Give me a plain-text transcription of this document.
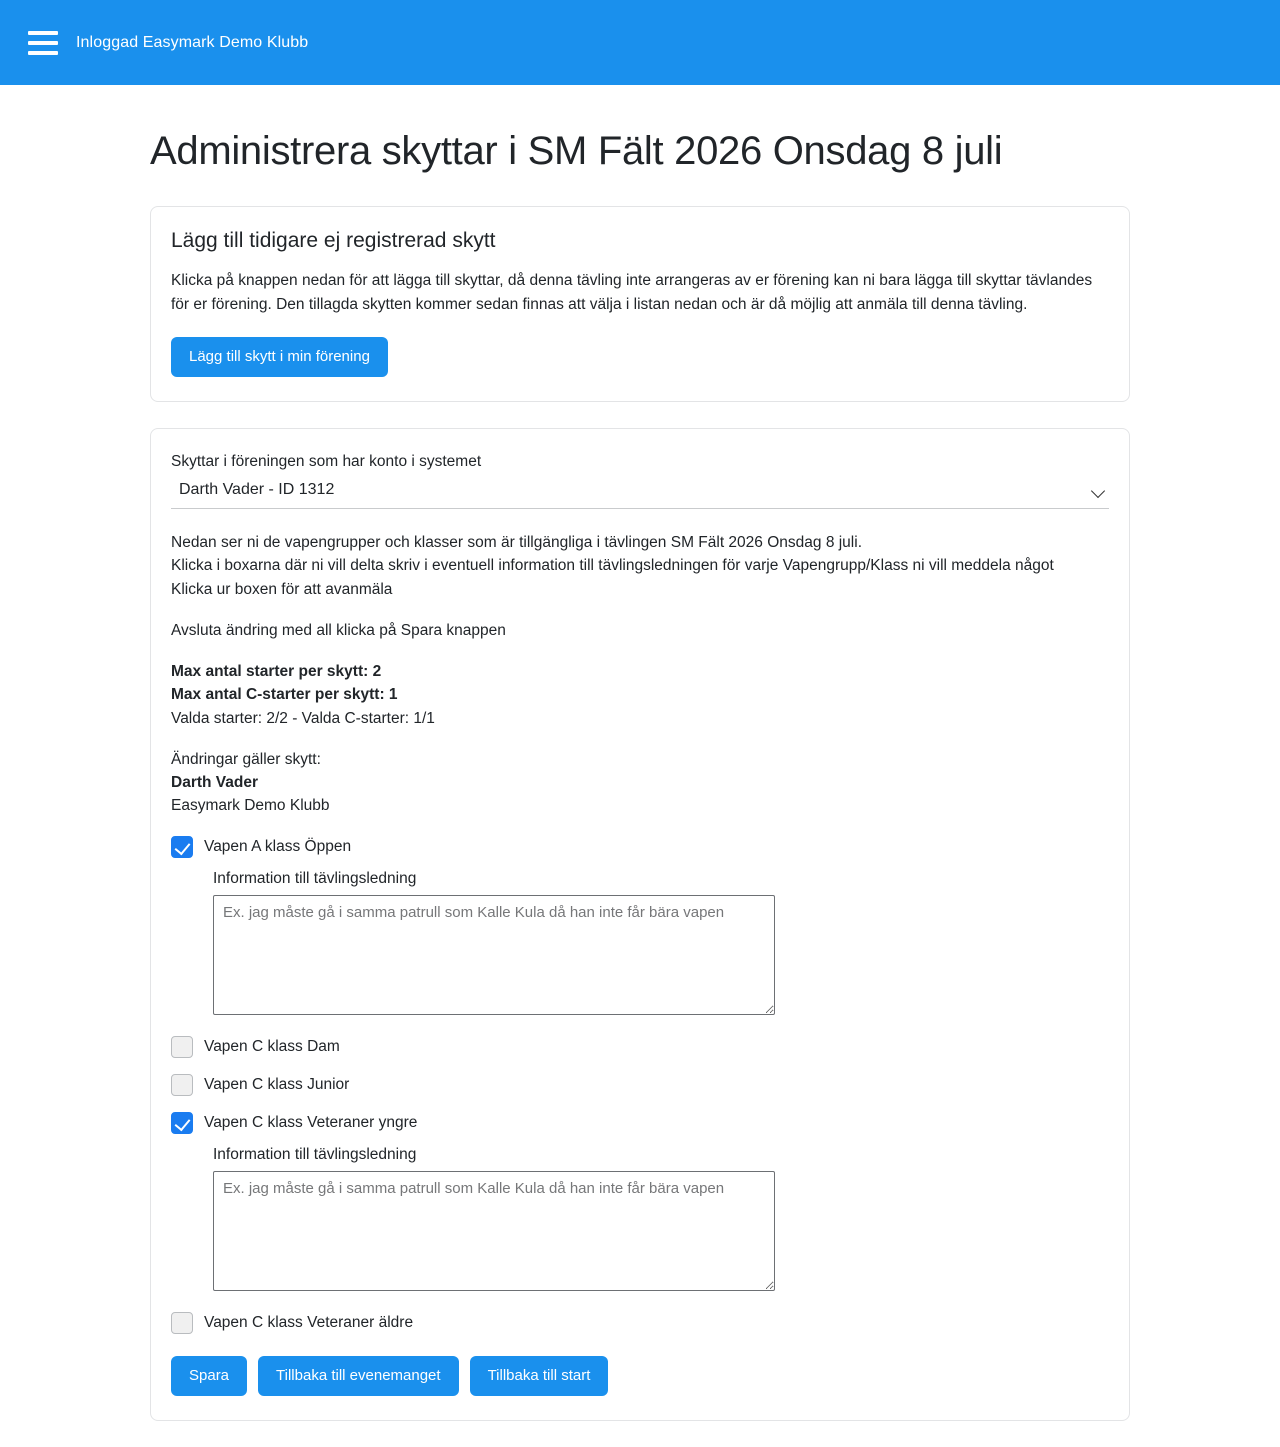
Inloggad Easymark Demo Klubb
Administrera skyttar i SM Fält 2026 Onsdag 8 juli
Lägg till tidigare ej registrerad skytt

Klicka på knappen nedan för att lägga till skyttar, då denna tävling inte arrangeras av er förening kan ni bara lägga till skyttar tävlandes för er förening. Den tillagda skytten kommer sedan finnas att välja i listan nedan och är då möjlig att anmäla till denna tävling.

Lägg till skytt i min förening
Skyttar i föreningen som har konto i systemet
Darth Vader - ID 1312
Nedan ser ni de vapengrupper och klasser som är tillgängliga i tävlingen SM Fält 2026 Onsdag 8 juli.
Klicka i boxarna där ni vill delta skriv i eventuell information till tävlingsledningen för varje Vapengrupp/Klass ni vill meddela något
Klicka ur boxen för att avanmäla
Avsluta ändring med all klicka på Spara knappen
Max antal starter per skytt: 2
Max antal C-starter per skytt: 1
Valda starter: 2/2 - Valda C-starter: 1/1
Ändringar gäller skytt:
Darth Vader
Easymark Demo Klubb
Vapen A klass Öppen
Information till tävlingsledning
Ex. jag måste gå i samma patrull som Kalle Kula då han inte får bära vapen
Vapen C klass Dam
Vapen C klass Junior
Vapen C klass Veteraner yngre
Information till tävlingsledning
Ex. jag måste gå i samma patrull som Kalle Kula då han inte får bära vapen
Vapen C klass Veteraner äldre
Spara	Tillbaka till evenemanget	Tillbaka till start
